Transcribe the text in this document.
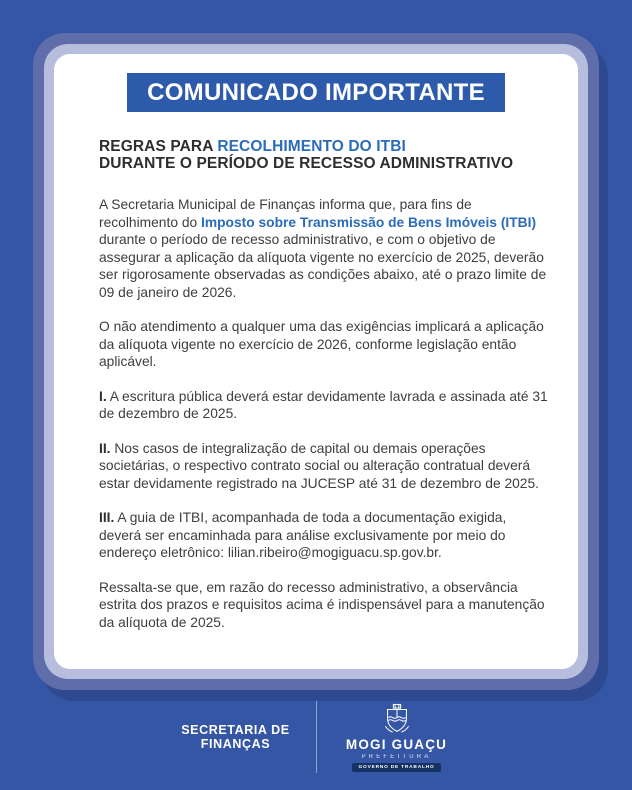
COMUNICADO IMPORTANTE
REGRAS PARA RECOLHIMENTO DO ITBI
DURANTE O PERÍODO DE RECESSO ADMINISTRATIVO

A Secretaria Municipal de Finanças informa que, para fins de recolhimento do Imposto sobre Transmissão de Bens Imóveis (ITBI) durante o período de recesso administrativo, e com o objetivo de assegurar a aplicação da alíquota vigente no exercício de 2025, deverão ser rigorosamente observadas as condições abaixo, até o prazo limite de 09 de janeiro de 2026.

O não atendimento a qualquer uma das exigências implicará a aplicação da alíquota vigente no exercício de 2026, conforme legislação então aplicável.

I. A escritura pública deverá estar devidamente lavrada e assinada até 31 de dezembro de 2025.

II. Nos casos de integralização de capital ou demais operações societárias, o respectivo contrato social ou alteração contratual deverá estar devidamente registrado na JUCESP até 31 de dezembro de 2025.

III. A guia de ITBI, acompanhada de toda a documentação exigida, deverá ser encaminhada para análise exclusivamente por meio do endereço eletrônico: lilian.ribeiro@mogiguacu.sp.gov.br.

Ressalta-se que, em razão do recesso administrativo, a observância estrita dos prazos e requisitos acima é indispensável para a manutenção da alíquota de 2025.

SECRETARIA DE
FINANÇAS	MOGI GUAÇU
PREFEITURA
GOVERNO DE TRABALHO
